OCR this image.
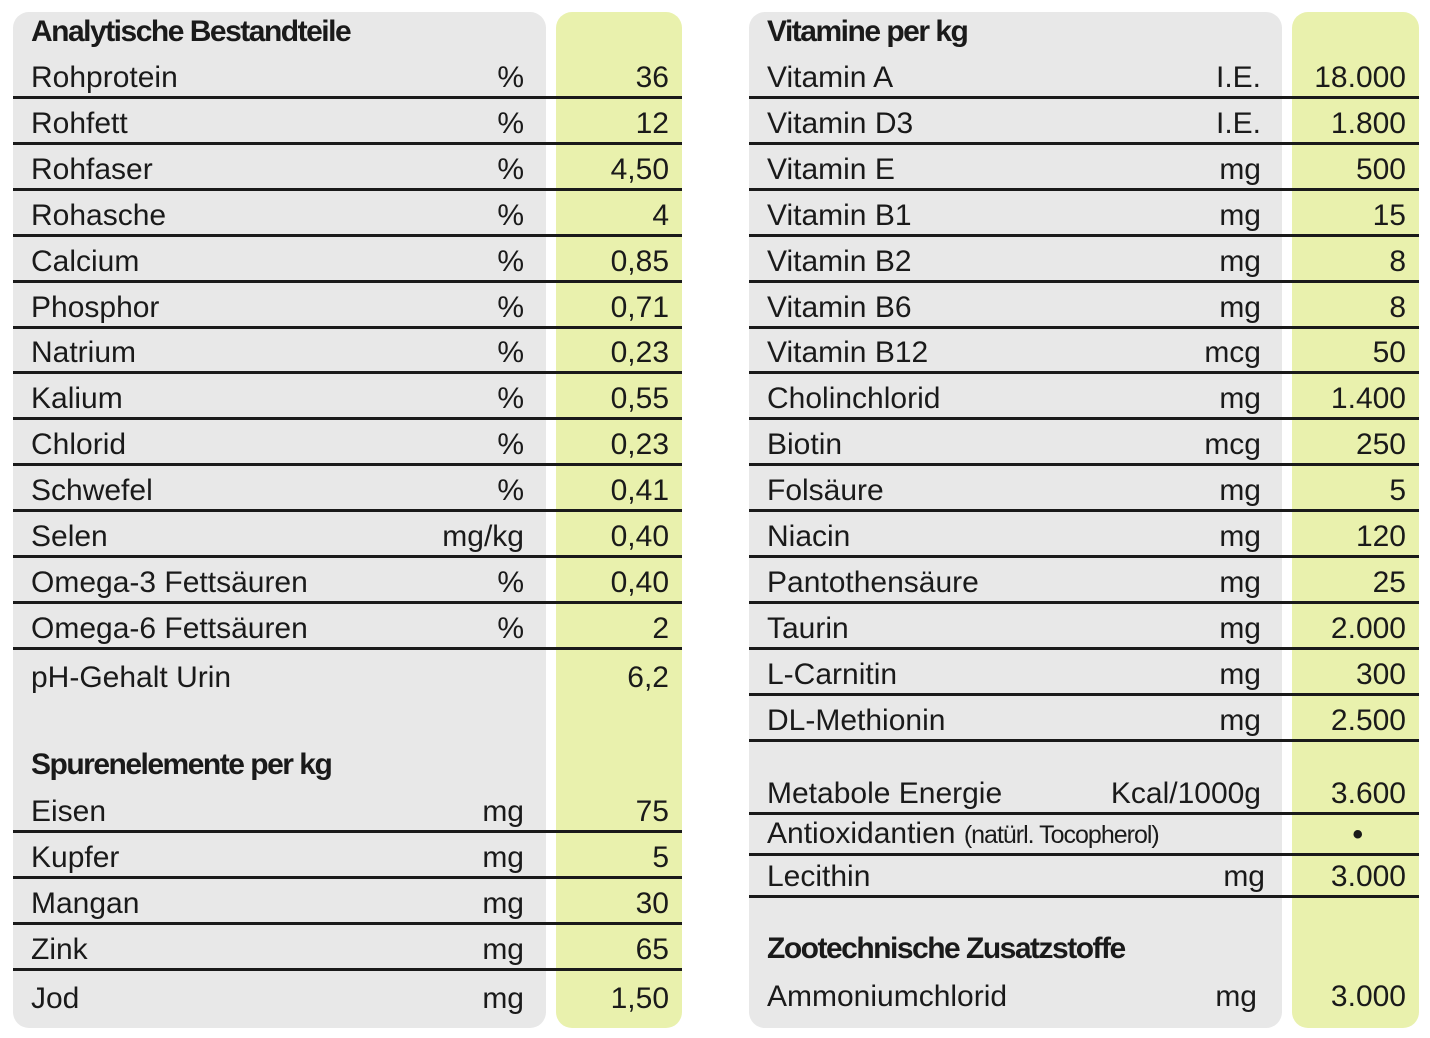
Analytische Bestandteile
Rohprotein	%	36
Rohfett	%	12
Rohfaser	%	4,50
Rohasche	%	4
Calcium	%	0,85
Phosphor	%	0,71
Natrium	%	0,23
Kalium	%	0,55
Chlorid	%	0,23
Schwefel	%	0,41
Selen	mg/kg	0,40
Omega-3 Fettsäuren	%	0,40
Omega-6 Fettsäuren	%	2
pH-Gehalt Urin	6,2
Spurenelemente per kg
Eisen	mg	75
Kupfer	mg	5
Mangan	mg	30
Zink	mg	65
Jod	mg	1,50
Vitamine per kg
Vitamin A	I.E. 18.000
Vitamin D3	I.E. 1.800
Vitamin E	mg	500
Vitamin B1	mg	15
Vitamin B2	mg	8
Vitamin B6	mg	8
Vitamin B12	mcg	50
Cholinchlorid	mg 1.400
Biotin	mcg	250
Folsäure	mg	5
Niacin	mg	120
Pantothensäure	mg	25
Taurin	mg 2.000
L-Carnitin	mg	300
DL-Methionin	mg 2.500
Metabole Energie	Kcal/1000g 3.600
Antioxidantien (natürl. Tocopherol)	•
Lecithin	mg 3.000
Zootechnische Zusatzstoffe
Ammoniumchlorid	mg 3.000
